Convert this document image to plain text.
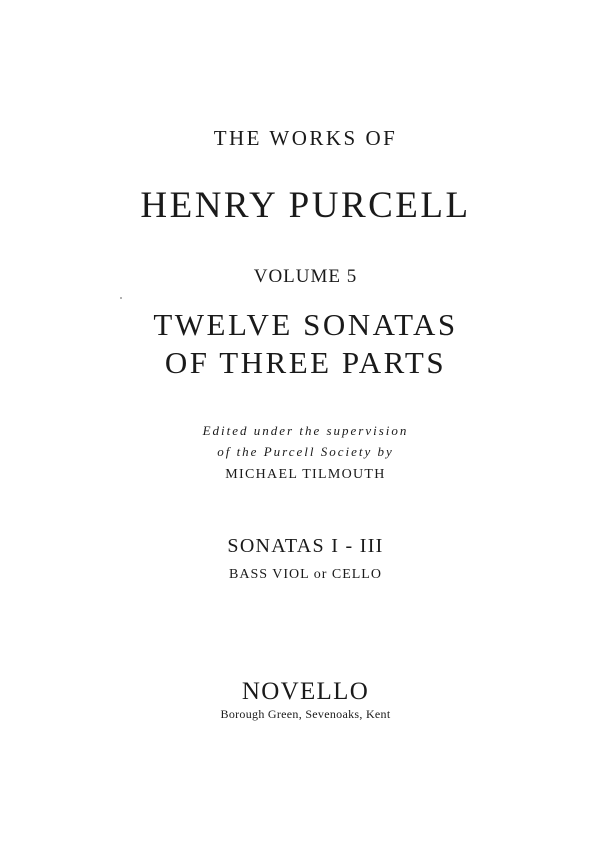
THE WORKS OF
HENRY PURCELL
VOLUME 5
TWELVE SONATAS
OF THREE PARTS
Edited under the supervision
of the Purcell Society by
MICHAEL TILMOUTH
SONATAS I - III
BASS VIOL or CELLO
NOVELLO
Borough Green, Sevenoaks, Kent
